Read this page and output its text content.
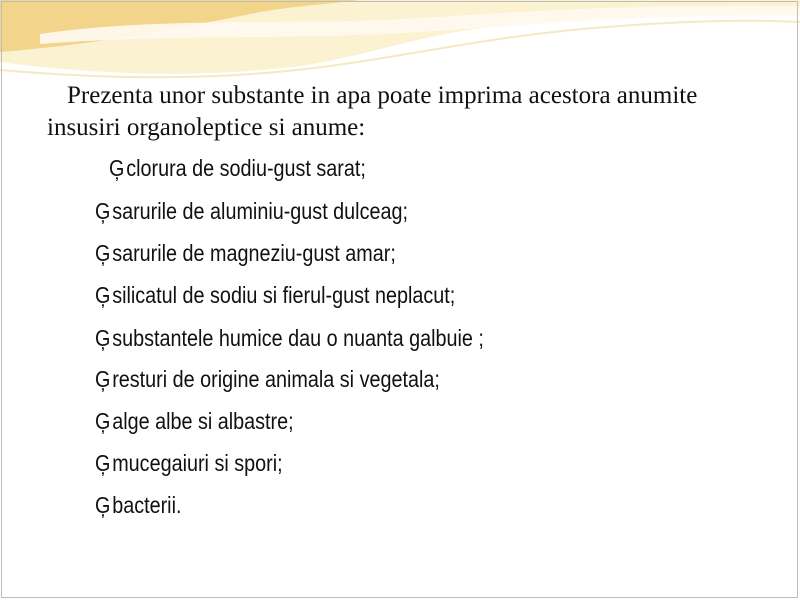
Prezenta unor substante in apa poate imprima acestora anumite insusiri organoleptice si anume:

Ģclorura de sodiu-gust sarat;
Ģsarurile de aluminiu-gust dulceag;
Ģsarurile de magneziu-gust amar;
Ģsilicatul de sodiu si fierul-gust neplacut;
Ģsubstantele humice dau o nuanta galbuie ;
Ģresturi de origine animala si vegetala;
Ģalge albe si albastre;
Ģmucegaiuri si spori;
Ģbacterii.
